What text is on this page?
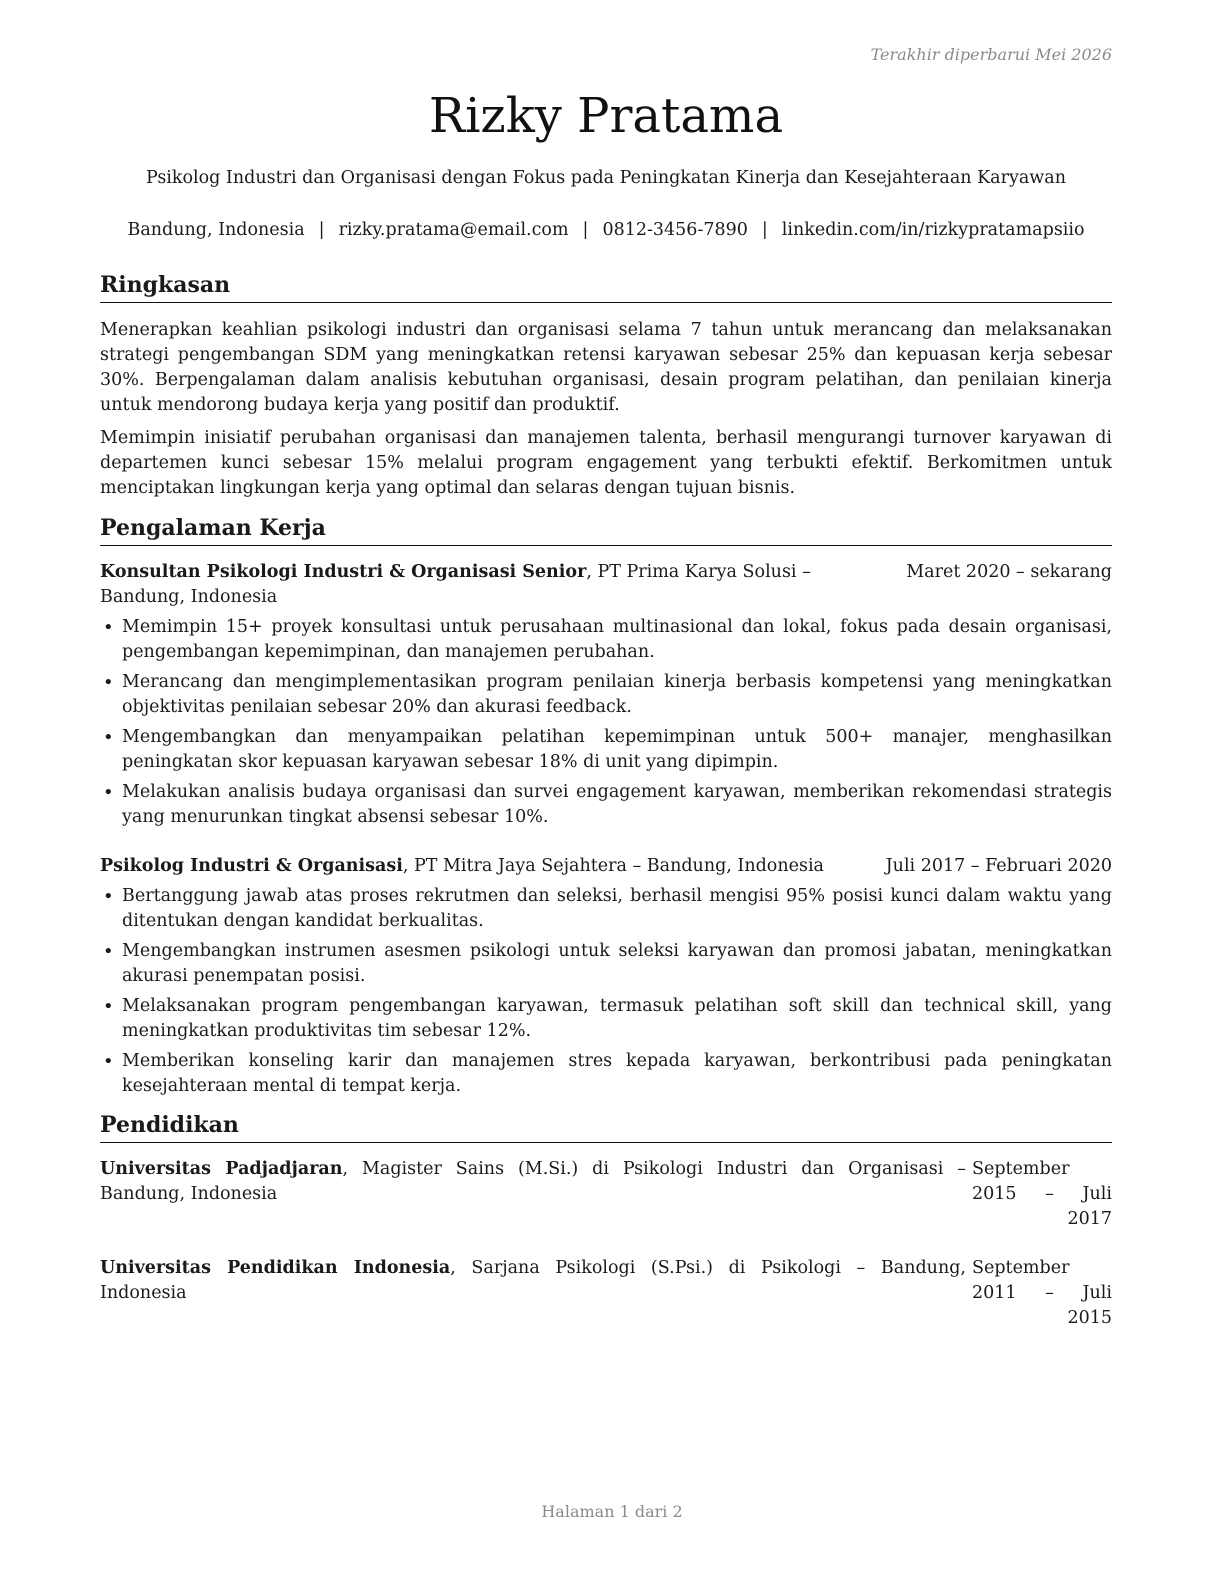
Terakhir diperbarui Mei 2026
Rizky Pratama
Psikolog Industri dan Organisasi dengan Fokus pada Peningkatan Kinerja dan Kesejahteraan Karyawan
Bandung, Indonesia | rizky.pratama@email.com | 0812-3456-7890 | linkedin.com/in/rizkypratamapsiio
Ringkasan

Menerapkan keahlian psikologi industri dan organisasi selama 7 tahun untuk merancang dan melaksanakan strategi pengembangan SDM yang meningkatkan retensi karyawan sebesar 25% dan kepuasan kerja sebesar 30%. Berpengalaman dalam analisis kebutuhan organisasi, desain program pelatihan, dan penilaian kinerja untuk mendorong budaya kerja yang positif dan produktif.

Memimpin inisiatif perubahan organisasi dan manajemen talenta, berhasil mengurangi turnover karyawan di departemen kunci sebesar 15% melalui program engagement yang terbukti efektif. Berkomitmen untuk menciptakan lingkungan kerja yang optimal dan selaras dengan tujuan bisnis.

Pengalaman Kerja
Konsultan Psikologi Industri & Organisasi Senior, PT Prima Karya Solusi – Bandung, Indonesia
Maret 2020 – sekarang
• Memimpin 15+ proyek konsultasi untuk perusahaan multinasional dan lokal, fokus pada desain organisasi, pengembangan kepemimpinan, dan manajemen perubahan.
• Merancang dan mengimplementasikan program penilaian kinerja berbasis kompetensi yang meningkatkan objektivitas penilaian sebesar 20% dan akurasi feedback.
• Mengembangkan dan menyampaikan pelatihan kepemimpinan untuk 500+ manajer, menghasilkan peningkatan skor kepuasan karyawan sebesar 18% di unit yang dipimpin.
• Melakukan analisis budaya organisasi dan survei engagement karyawan, memberikan rekomendasi strategis yang menurunkan tingkat absensi sebesar 10%.
Psikolog Industri & Organisasi, PT Mitra Jaya Sejahtera – Bandung, Indonesia	Juli 2017 – Februari 2020
• Bertanggung jawab atas proses rekrutmen dan seleksi, berhasil mengisi 95% posisi kunci dalam waktu yang ditentukan dengan kandidat berkualitas.
• Mengembangkan instrumen asesmen psikologi untuk seleksi karyawan dan promosi jabatan, meningkatkan akurasi penempatan posisi.
• Melaksanakan program pengembangan karyawan, termasuk pelatihan soft skill dan technical skill, yang meningkatkan produktivitas tim sebesar 12%.
• Memberikan konseling karir dan manajemen stres kepada karyawan, berkontribusi pada peningkatan kesejahteraan mental di tempat kerja.
Pendidikan
Universitas Padjadjaran, Magister Sains (M.Si.) di Psikologi Industri dan Organisasi – Bandung, Indonesia
September 2015 – Juli 2017
Universitas Pendidikan Indonesia, Sarjana Psikologi (S.Psi.) di Psikologi – Bandung, Indonesia
September 2011 – Juli 2015
Halaman 1 dari 2
